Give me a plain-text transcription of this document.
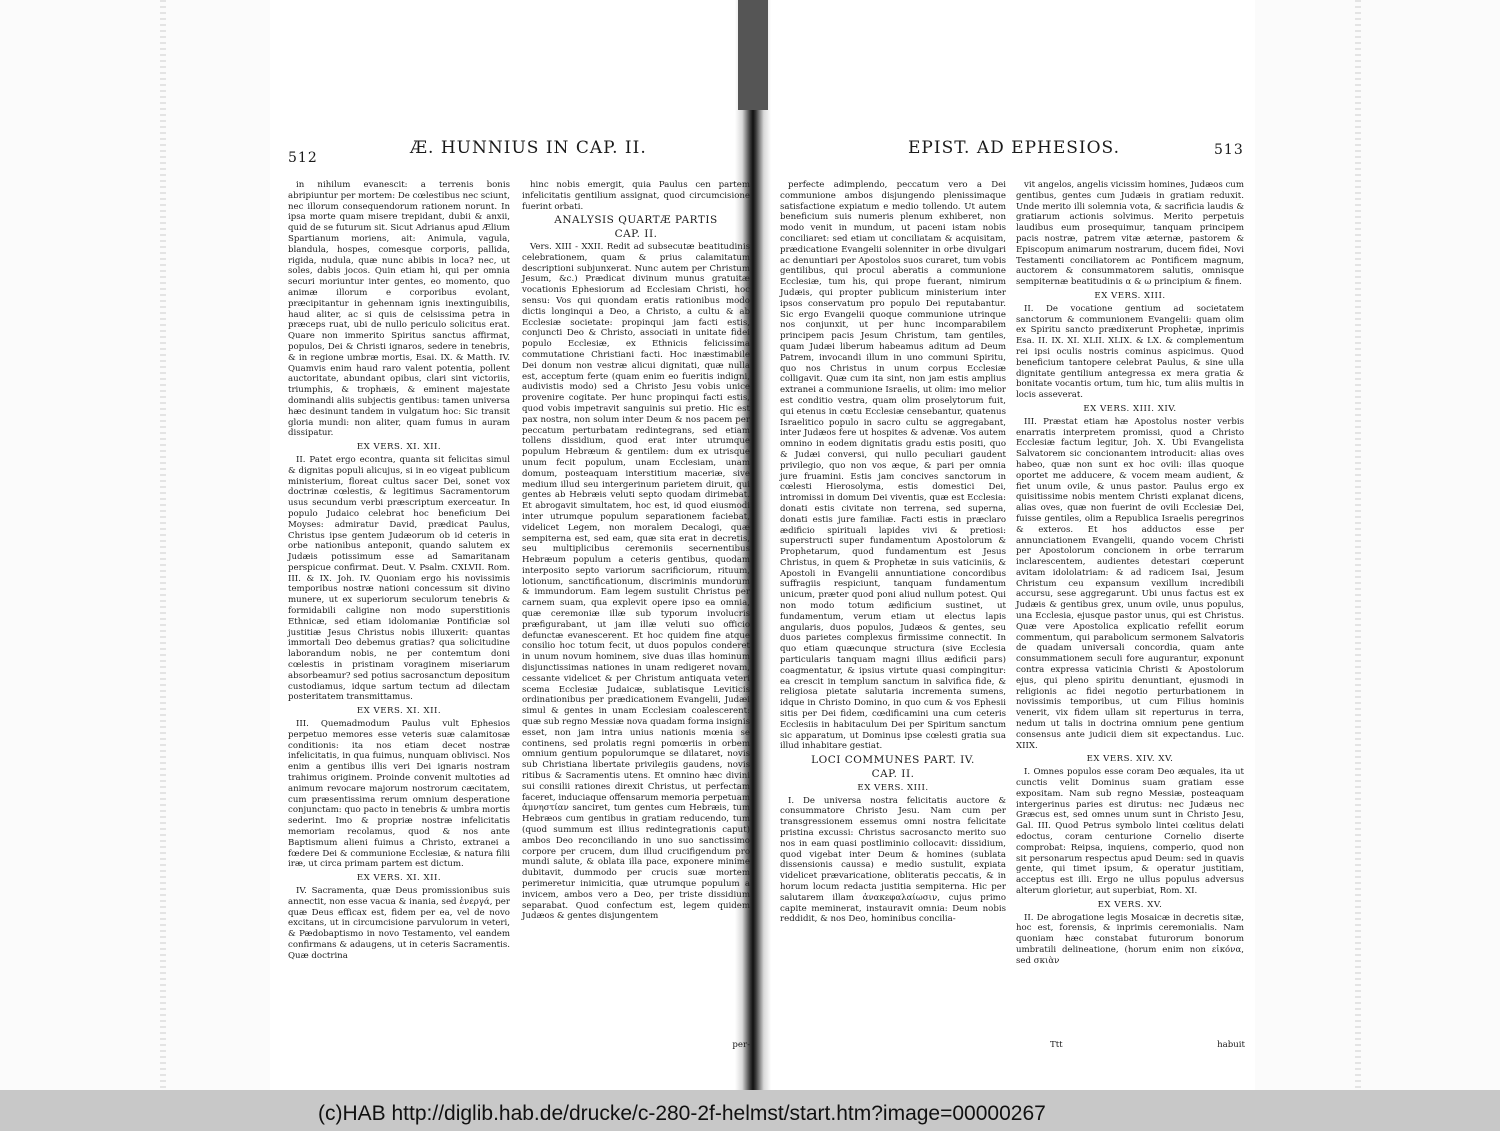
512	Æ. HUNNIUS IN CAP. II.

in nihilum evanescit: a terrenis bonis abripiuntur per mortem: De cœlestibus nec sciunt, nec illorum consequendorum rationem norunt. In ipsa morte quam misere trepidant, dubii & anxii, quid de se futurum sit. Sicut Adrianus apud Ælium Spartianum moriens, ait: Animula, vagula, blandula, hospes, comesque corporis, pallida, rigida, nudula, quæ nunc abibis in loca? nec, ut soles, dabis jocos. Quin etiam hi, qui per omnia securi moriuntur inter gentes, eo momento, quo animæ illorum e corporibus evolant, præcipitantur in gehennam ignis inextinguibilis, haud aliter, ac si quis de celsissima petra in præceps ruat, ubi de nullo periculo solicitus erat. Quare non immerito Spiritus sanctus affirmat, populos, Dei & Christi ignaros, sedere in tenebris, & in regione umbræ mortis, Esai. IX. & Matth. IV. Quamvis enim haud raro valent potentia, pollent auctoritate, abundant opibus, clari sint victoriis, triumphis, & trophæis, & eminent majestate dominandi aliis subjectis gentibus: tamen universa hæc desinunt tandem in vulgatum hoc: Sic transit gloria mundi: non aliter, quam fumus in auram dissipatur.

EX VERS. XI. XII.

II. Patet ergo econtra, quanta sit felicitas simul & dignitas populi alicujus, si in eo vigeat publicum ministerium, floreat cultus sacer Dei, sonet vox doctrinæ cœlestis, & legitimus Sacramentorum usus secundum verbi præscriptum exerceatur. In populo Judaico celebrat hoc beneficium Dei Moyses: admiratur David, prædicat Paulus, Christus ipse gentem Judæorum ob id ceteris in orbe nationibus anteponit, quando salutem ex Judæis potissimum esse ad Samaritanam perspicue confirmat. Deut. V. Psalm. CXLVII. Rom. III. & IX. Joh. IV. Quoniam ergo his novissimis temporibus nostræ nationi concessum sit divino munere, ut ex superiorum seculorum tenebris & formidabili caligine non modo superstitionis Ethnicæ, sed etiam idolomaniæ Pontificiæ sol justitiæ Jesus Christus nobis illuxerit: quantas immortali Deo debemus gratias? qua solicitudine laborandum nobis, ne per contemtum doni cœlestis in pristinam voraginem miseriarum absorbeamur? sed potius sacrosanctum depositum custodiamus, idque sartum tectum ad dilectam posteritatem transmittamus.

EX VERS. XI. XII.

III. Quemadmodum Paulus vult Ephesios perpetuo memores esse veteris suæ calamitosæ conditionis: ita nos etiam decet nostræ infelicitatis, in qua fuimus, nunquam oblivisci. Nos enim a gentibus illis veri Dei ignaris nostram trahimus originem. Proinde convenit multoties ad animum revocare majorum nostrorum cæcitatem, cum præsentissima rerum omnium desperatione conjunctam: quo pacto in tenebris & umbra mortis sederint. Imo & propriæ nostræ infelicitatis memoriam recolamus, quod & nos ante Baptismum alieni fuimus a Christo, extranei a fœdere Dei & communione Ecclesiæ, & natura filii iræ, ut circa primam partem est dictum.

EX VERS. XI. XII.

IV. Sacramenta, quæ Deus promissionibus suis annectit, non esse vacua & inania, sed ἐνεργά, per quæ Deus efficax est, fidem per ea, vel de novo excitans, ut in circumcisione parvulorum in veteri, & Pædobaptismo in novo Testamento, vel eandem confirmans & adaugens, ut in ceteris Sacramentis. Quæ doctrina

hinc nobis emergit, quia Paulus cen partem infelicitatis gentilium assignat, quod circumcisione fuerint orbati.

ANALYSIS QUARTÆ PARTIS

CAP. II.

Vers. XIII - XXII. Redit ad subsecutæ beatitudinis celebrationem, quam & prius calamitatum descriptioni subjunxerat. Nunc autem per Christum Jesum, &c.) Prædicat divinum munus gratuitæ vocationis Ephesiorum ad Ecclesiam Christi, hoc sensu: Vos qui quondam eratis rationibus modo dictis longinqui a Deo, a Christo, a cultu & ab Ecclesiæ societate: propinqui jam facti estis, conjuncti Deo & Christo, associati in unitate fidei populo Ecclesiæ, ex Ethnicis felicissima commutatione Christiani facti. Hoc inæstimabile Dei donum non vestræ alicui dignitati, quæ nulla est, acceptum ferte (quam enim eo fueritis indigni, audivistis modo) sed a Christo Jesu vobis unice provenire cogitate. Per hunc propinqui facti estis, quod vobis impetravit sanguinis sui pretio. Hic est pax nostra, non solum inter Deum & nos pacem per peccatum perturbatam redintegrans, sed etiam tollens dissidium, quod erat inter utrumque populum Hebræum & gentilem: dum ex utrisque unum fecit populum, unam Ecclesiam, unam domum, posteaquam interstitium maceriæ, sive medium illud seu intergerinum parietem diruit, qui gentes ab Hebræis veluti septo quodam dirimebat. Et abrogavit simultatem, hoc est, id quod eiusmodi inter utrumque populum separationem faciebat, videlicet Legem, non moralem Decalogi, quæ sempiterna est, sed eam, quæ sita erat in decretis, seu multiplicibus ceremoniis secernentibus Hebræum populum a ceteris gentibus, quodam interposito septo variorum sacrificiorum, rituum, lotionum, sanctificationum, discriminis mundorum & immundorum. Eam legem sustulit Christus per carnem suam, qua explevit opere ipso ea omnia, quæ ceremoniæ illæ sub typorum involucris præfigurabant, ut jam illæ veluti suo officio defunctæ evanescerent. Et hoc quidem fine atque consilio hoc totum fecit, ut duos populos conderet in unum novum hominem, sive duas illas hominum disjunctissimas nationes in unam redigeret novam, cessante videlicet & per Christum antiquata veteri scema Ecclesiæ Judaicæ, sublatisque Leviticis ordinationibus per prædicationem Evangelii, Judæi simul & gentes in unam Ecclesiam coalescerent: quæ sub regno Messiæ nova quadam forma insignis esset, non jam intra unius nationis mœnia se continens, sed prolatis regni pomœriis in orbem omnium gentium populorumque se dilataret, novis sub Christiana libertate privilegiis gaudens, novis ritibus & Sacramentis utens. Et omnino hæc divini sui consilii rationes direxit Christus, ut perfectam faceret, induciaque offensarum memoria perpetuam ἀμνηστίαν sanciret, tum gentes cum Hebræis, tum Hebræos cum gentibus in gratiam reducendo, tum (quod summum est illius redintegrationis caput) ambos Deo reconciliando in uno suo sanctissimo corpore per crucem, dum illud crucifigendum pro mundi salute, & oblata illa pace, exponere minime dubitavit, dummodo per crucis suæ mortem perimeretur inimicitia, quæ utrumque populum a invicem, ambos vero a Deo, per triste dissidium separabat. Quod confectum est, legem quidem Judæos & gentes disjungentem

per-
EPIST. AD EPHESIOS.	513

perfecte adimplendo, peccatum vero a Dei communione ambos disjungendo plenissimaque satisfactione expiatum e medio tollendo. Ut autem beneficium suis numeris plenum exhiberet, non modo venit in mundum, ut paceni istam nobis conciliaret: sed etiam ut conciliatam & acquisitam, prædicatione Evangelii solenniter in orbe divulgari ac denuntiari per Apostolos suos curaret, tum vobis gentilibus, qui procul aberatis a communione Ecclesiæ, tum his, qui prope fuerant, nimirum Judæis, qui propter publicum ministerium inter ipsos conservatum pro populo Dei reputabantur. Sic ergo Evangelii quoque communione utrinque nos conjunxit, ut per hunc incomparabilem principem pacis Jesum Christum, tam gentiles, quam Judæi liberum habeamus aditum ad Deum Patrem, invocandi illum in uno communi Spiritu, quo nos Christus in unum corpus Ecclesiæ colligavit. Quæ cum ita sint, non jam estis amplius extranei a communione Israelis, ut olim: imo melior est conditio vestra, quam olim proselytorum fuit, qui etenus in cœtu Ecclesiæ censebantur, quatenus Israelitico populo in sacro cultu se aggregabant, inter Judæos fere ut hospites & advenæ. Vos autem omnino in eodem dignitatis gradu estis positi, quo & Judæi conversi, qui nullo peculiari gaudent privilegio, quo non vos æque, & pari per omnia jure fruamini. Estis jam concives sanctorum in cœlesti Hierosolyma, estis domestici Dei, intromissi in domum Dei viventis, quæ est Ecclesia: donati estis civitate non terrena, sed superna, donati estis jure familiæ. Facti estis in præclaro ædificio spirituali lapides vivi & pretiosi: superstructi super fundamentum Apostolorum & Prophetarum, quod fundamentum est Jesus Christus, in quem & Prophetæ in suis vaticiniis, & Apostoli in Evangelii annuntiatione concordibus suffragiis respiciunt, tanquam fundamentum unicum, præter quod poni aliud nullum potest. Qui non modo totum ædificium sustinet, ut fundamentum, verum etiam ut electus lapis angularis, duos populos, Judæos & gentes, seu duos parietes complexus firmissime connectit. In quo etiam quæcunque structura (sive Ecclesia particularis tanquam magni illius ædificii pars) coagmentatur, & ipsius virtute quasi compingitur: ea crescit in templum sanctum in salvifica fide, & religiosa pietate salutaria incrementa sumens, idque in Christo Domino, in quo cum & vos Ephesii sitis per Dei fidem, cœdificamini una cum ceteris Ecclesiis in habitaculum Dei per Spiritum sanctum sic apparatum, ut Dominus ipse cœlesti gratia sua illud inhabitare gestiat.

LOCI COMMUNES PART. IV.

CAP. II.

EX VERS. XIII.

I. De universa nostra felicitatis auctore & consummatore Christo Jesu. Nam cum per transgressionem essemus omni nostra felicitate pristina excussi: Christus sacrosancto merito suo nos in eam quasi postliminio collocavit: dissidium, quod vigebat inter Deum & homines (sublata dissensionis caussa) e medio sustulit, expiata videlicet prævaricatione, obliteratis peccatis, & in horum locum redacta justitia sempiterna. Hic per salutarem illam ἀνακεφαλαίωσιν, cujus primo capite meminerat, instauravit omnia: Deum nobis reddidit, & nos Deo, hominibus concilia-

vit angelos, angelis vicissim homines, Judæos cum gentibus, gentes cum Judæis in gratiam reduxit. Unde merito illi solemnia vota, & sacrificia laudis & gratiarum actionis solvimus. Merito perpetuis laudibus eum prosequimur, tanquam principem pacis nostræ, patrem vitæ æternæ, pastorem & Episcopum animarum nostrarum, ducem fidei, Novi Testamenti conciliatorem ac Pontificem magnum, auctorem & consummatorem salutis, omnisque sempiternæ beatitudinis α & ω principium & finem.

EX VERS. XIII.

II. De vocatione gentium ad societatem sanctorum & communionem Evangelii: quam olim ex Spiritu sancto prædixerunt Prophetæ, inprimis Esa. II. IX. XI. XLII. XLIX. & LX. & complementum rei ipsi oculis nostris cominus aspicimus. Quod beneficium tantopere celebrat Paulus, & sine ulla dignitate gentilium antegressa ex mera gratia & bonitate vocantis ortum, tum hic, tum aliis multis in locis asseverat.

EX VERS. XIII. XIV.

III. Præstat etiam hæ Apostolus noster verbis enarratis interpretem promissi, quod a Christo Ecclesiæ factum legitur, Joh. X. Ubi Evangelista Salvatorem sic concionantem introducit: alias oves habeo, quæ non sunt ex hoc ovili: illas quoque oportet me adducere, & vocem meam audient, & fiet unum ovile, & unus pastor. Paulus ergo ex quisitissime nobis mentem Christi explanat dicens, alias oves, quæ non fuerint de ovili Ecclesiæ Dei, fuisse gentiles, olim a Republica Israelis peregrinos & exteros. Et hos adductos esse per annunciationem Evangelii, quando vocem Christi per Apostolorum concionem in orbe terrarum inclarescentem, audientes detestari cœperunt avitam idololatriam: & ad radicem Isai, Jesum Christum ceu expansum vexillum incredibili accursu, sese aggregarunt. Ubi unus factus est ex Judæis & gentibus grex, unum ovile, unus populus, una Ecclesia, ejusque pastor unus, qui est Christus. Quæ vere Apostolica explicatio refellit eorum commentum, qui parabolicum sermonem Salvatoris de quadam universali concordia, quam ante consummationem seculi fore augurantur, exponunt contra expressa vaticinia Christi & Apostolorum ejus, qui pleno spiritu denuntiant, ejusmodi in religionis ac fidei negotio perturbationem in novissimis temporibus, ut cum Filius hominis venerit, vix fidem ullam sit reperturus in terra, nedum ut talis in doctrina omnium pene gentium consensus ante judicii diem sit expectandus. Luc. XIIX.

EX VERS. XIV. XV.

I. Omnes populos esse coram Deo æquales, ita ut cunctis velit Dominus suam gratiam esse expositam. Nam sub regno Messiæ, posteaquam intergerinus paries est dirutus: nec Judæus nec Græcus est, sed omnes unum sunt in Christo Jesu, Gal. III. Quod Petrus symbolo lintei cœlitus delati edoctus, coram centurione Cornelio diserte comprobat: Reipsa, inquiens, comperio, quod non sit personarum respectus apud Deum: sed in quavis gente, qui timet ipsum, & operatur justitiam, acceptus est illi. Ergo ne ullus populus adversus alterum glorietur, aut superbiat, Rom. XI.

EX VERS. XV.

II. De abrogatione legis Mosaicæ in decretis sitæ, hoc est, forensis, & inprimis ceremonialis. Nam quoniam hæc constabat futurorum bonorum umbratili delineatione, (horum enim non εἰκόνα, sed σκιὰν

Ttt	habuit
(c)HAB http://diglib.hab.de/drucke/c-280-2f-helmst/start.htm?image=00000267
